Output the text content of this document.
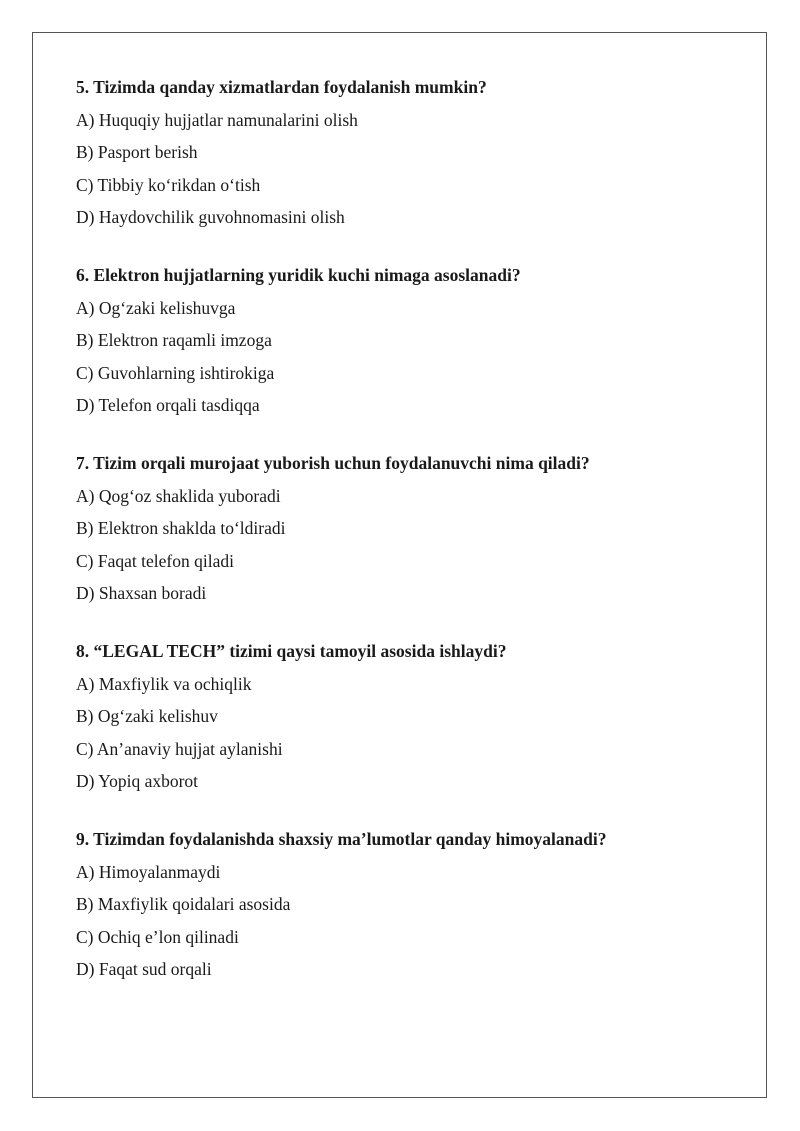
5. Tizimda qanday xizmatlardan foydalanish mumkin?
A) Huquqiy hujjatlar namunalarini olish
B) Pasport berish
C) Tibbiy ko‘rikdan o‘tish
D) Haydovchilik guvohnomasini olish
6. Elektron hujjatlarning yuridik kuchi nimaga asoslanadi?
A) Og‘zaki kelishuvga
B) Elektron raqamli imzoga
C) Guvohlarning ishtirokiga
D) Telefon orqali tasdiqqa
7. Tizim orqali murojaat yuborish uchun foydalanuvchi nima qiladi?
A) Qog‘oz shaklida yuboradi
B) Elektron shaklda to‘ldiradi
C) Faqat telefon qiladi
D) Shaxsan boradi
8. “LEGAL TECH” tizimi qaysi tamoyil asosida ishlaydi?
A) Maxfiylik va ochiqlik
B) Og‘zaki kelishuv
C) An’anaviy hujjat aylanishi
D) Yopiq axborot
9. Tizimdan foydalanishda shaxsiy ma’lumotlar qanday himoyalanadi?
A) Himoyalanmaydi
B) Maxfiylik qoidalari asosida
C) Ochiq e’lon qilinadi
D) Faqat sud orqali
